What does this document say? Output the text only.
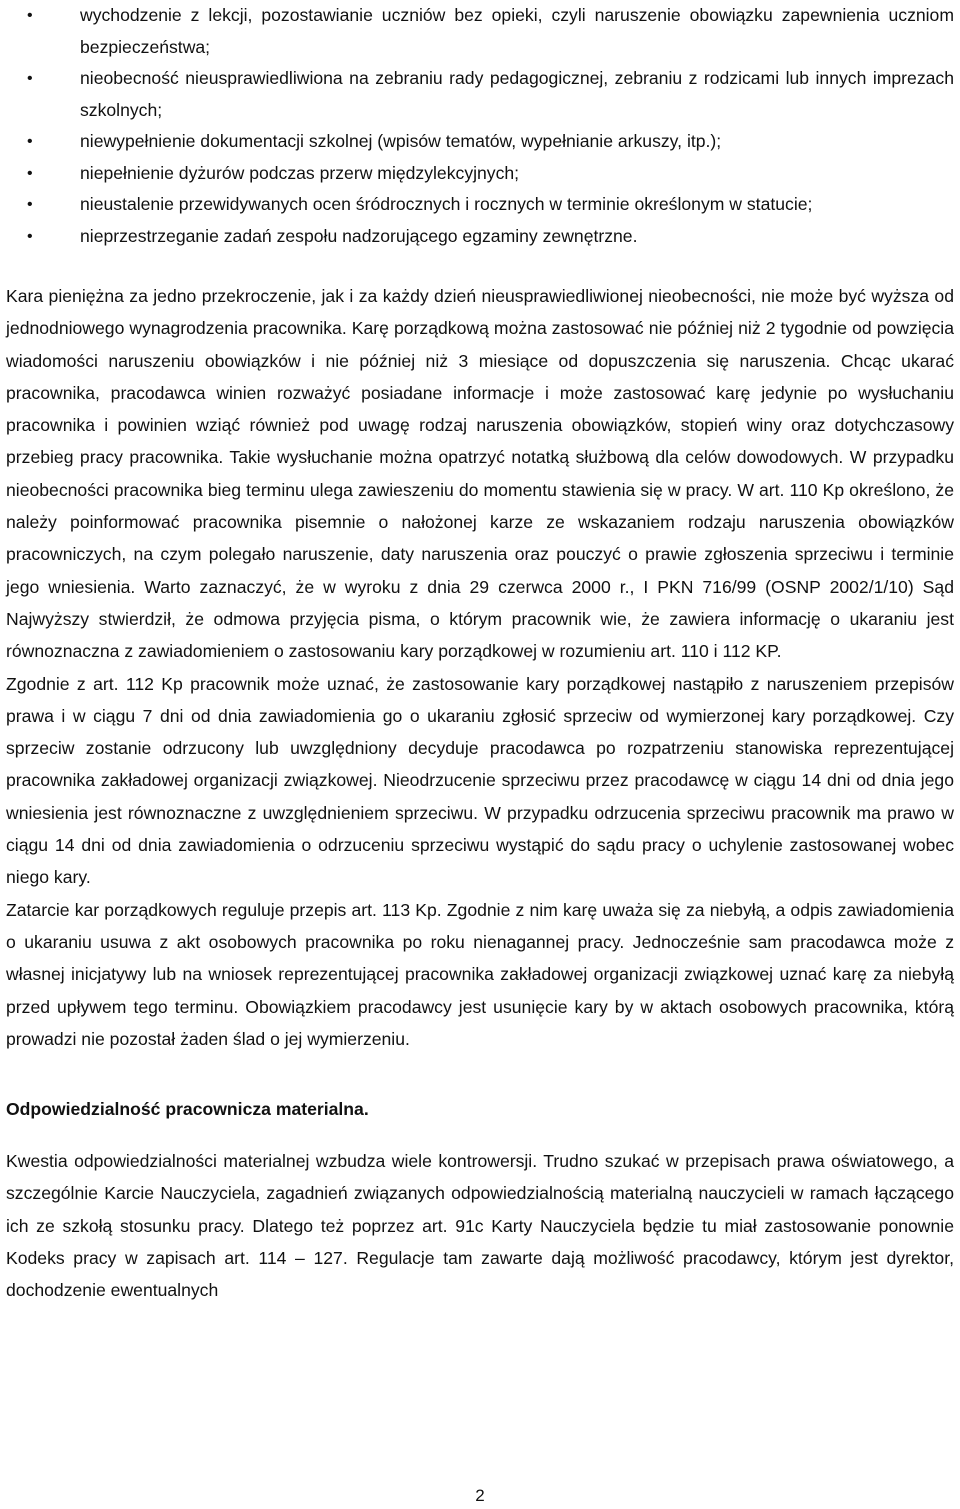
•	wychodzenie z lekcji, pozostawianie uczniów bez opieki, czyli naruszenie obowiązku zapewnienia uczniom bezpieczeństwa;
•	nieobecność nieusprawiedliwiona na zebraniu rady pedagogicznej, zebraniu z rodzicami lub innych imprezach szkolnych;
•	niewypełnienie dokumentacji szkolnej (wpisów tematów, wypełnianie arkuszy, itp.);
•	niepełnienie dyżurów podczas przerw międzylekcyjnych;
•	nieustalenie przewidywanych ocen śródrocznych i rocznych w terminie określonym w statucie;
•	nieprzestrzeganie zadań zespołu nadzorującego egzaminy zewnętrzne.

Kara pieniężna za jedno przekroczenie, jak i za każdy dzień nieusprawiedliwionej nieobecności, nie może być wyższa od jednodniowego wynagrodzenia pracownika. Karę porządkową można zastosować nie później niż 2 tygodnie od powzięcia wiadomości naruszeniu obowiązków i nie później niż 3 miesiące od dopuszczenia się naruszenia. Chcąc ukarać pracownika, pracodawca winien rozważyć posiadane informacje i może zastosować karę jedynie po wysłuchaniu pracownika i powinien wziąć również pod uwagę rodzaj naruszenia obowiązków, stopień winy oraz dotychczasowy przebieg pracy pracownika. Takie wysłuchanie można opatrzyć notatką służbową dla celów dowodowych. W przypadku nieobecności pracownika bieg terminu ulega zawieszeniu do momentu stawienia się w pracy. W art. 110 Kp określono, że należy poinformować pracownika pisemnie o nałożonej karze ze wskazaniem rodzaju naruszenia obowiązków pracowniczych, na czym polegało naruszenie, daty naruszenia oraz pouczyć o prawie zgłoszenia sprzeciwu i terminie jego wniesienia. Warto zaznaczyć, że w wyroku z dnia 29 czerwca 2000 r., I PKN 716/99 (OSNP 2002/1/10) Sąd Najwyższy stwierdził, że odmowa przyjęcia pisma, o którym pracownik wie, że zawiera informację o ukaraniu jest równoznaczna z zawiadomieniem o zastosowaniu kary porządkowej w rozumieniu art. 110 i 112 KP.

Zgodnie z art. 112 Kp pracownik może uznać, że zastosowanie kary porządkowej nastąpiło z naruszeniem przepisów prawa i w ciągu 7 dni od dnia zawiadomienia go o ukaraniu zgłosić sprzeciw od wymierzonej kary porządkowej. Czy sprzeciw zostanie odrzucony lub uwzględniony decyduje pracodawca po rozpatrzeniu stanowiska reprezentującej pracownika zakładowej organizacji związkowej. Nieodrzucenie sprzeciwu przez pracodawcę w ciągu 14 dni od dnia jego wniesienia jest równoznaczne z uwzględnieniem sprzeciwu. W przypadku odrzucenia sprzeciwu pracownik ma prawo w ciągu 14 dni od dnia zawiadomienia o odrzuceniu sprzeciwu wystąpić do sądu pracy o uchylenie zastosowanej wobec niego kary.

Zatarcie kar porządkowych reguluje przepis art. 113 Kp. Zgodnie z nim karę uważa się za niebyłą, a odpis zawiadomienia o ukaraniu usuwa z akt osobowych pracownika po roku nienagannej pracy. Jednocześnie sam pracodawca może z własnej inicjatywy lub na wniosek reprezentującej pracownika zakładowej organizacji związkowej uznać karę za niebyłą przed upływem tego terminu. Obowiązkiem pracodawcy jest usunięcie kary by w aktach osobowych pracownika, którą prowadzi nie pozostał żaden ślad o jej wymierzeniu.

Odpowiedzialność pracownicza materialna.

Kwestia odpowiedzialności materialnej wzbudza wiele kontrowersji. Trudno szukać w przepisach prawa oświatowego, a szczególnie Karcie Nauczyciela, zagadnień związanych odpowiedzialnością materialną nauczycieli w ramach łączącego ich ze szkołą stosunku pracy. Dlatego też poprzez art. 91c Karty Nauczyciela będzie tu miał zastosowanie ponownie Kodeks pracy w zapisach art. 114 – 127. Regulacje tam zawarte dają możliwość pracodawcy, którym jest dyrektor, dochodzenie ewentualnych

2
